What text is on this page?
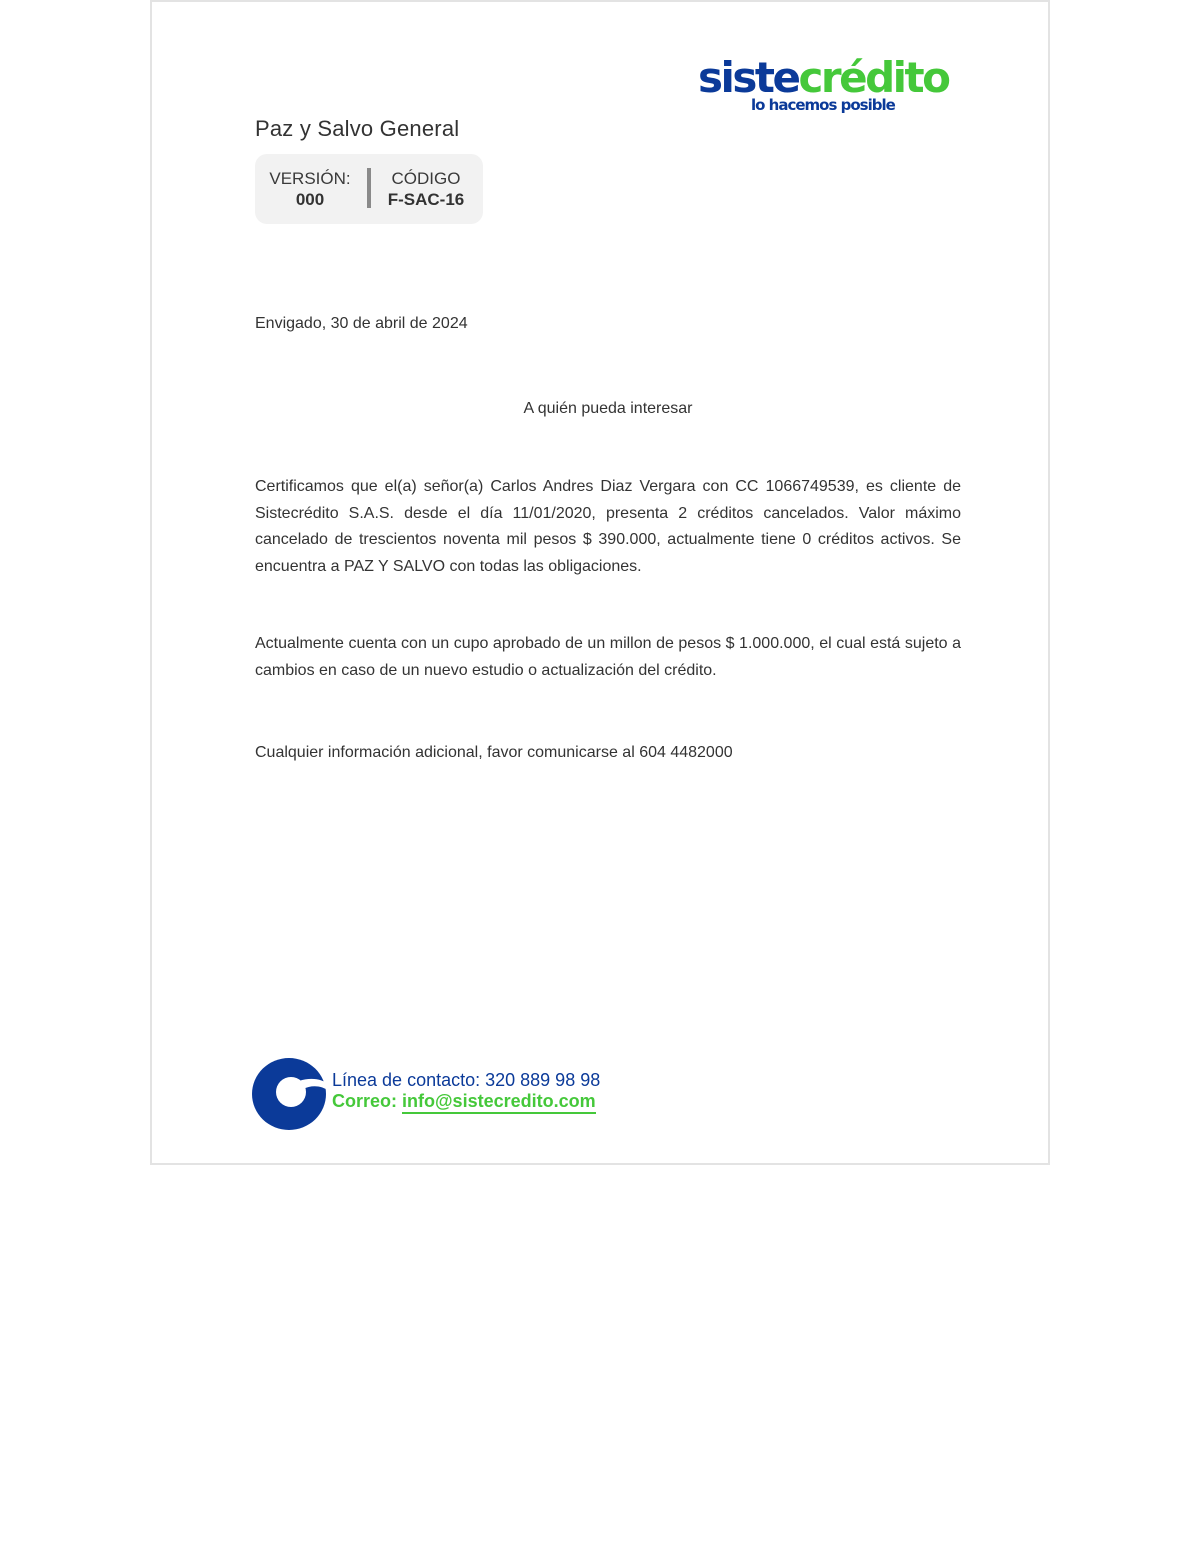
sistecrédito
lo hacemos posible
Paz y Salvo General
VERSIÓN:
000
CÓDIGO
F-SAC-16
Envigado, 30 de abril de 2024
A quién pueda interesar
Certificamos que el(a) señor(a) Carlos Andres Diaz Vergara con CC 1066749539, es cliente de Sistecrédito S.A.S. desde el día 11/01/2020, presenta 2 créditos cancelados. Valor máximo cancelado de trescientos noventa mil pesos $ 390.000, actualmente tiene 0 créditos activos. Se encuentra a PAZ Y SALVO con todas las obligaciones.
Actualmente cuenta con un cupo aprobado de un millon de pesos $ 1.000.000, el cual está sujeto a cambios en caso de un nuevo estudio o actualización del crédito.
Cualquier información adicional, favor comunicarse al 604 4482000
Línea de contacto: 320 889 98 98
Correo: info@sistecredito.com
